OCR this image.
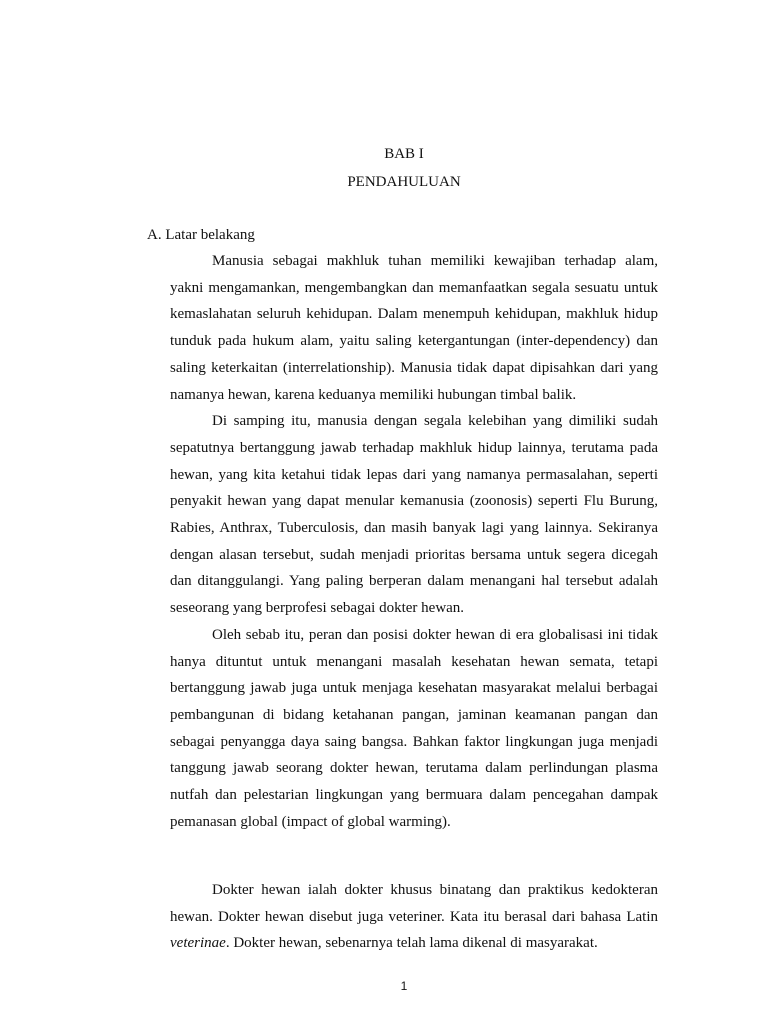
BAB I
PENDAHULUAN
A. Latar belakang

Manusia sebagai makhluk tuhan memiliki kewajiban terhadap alam, yakni mengamankan, mengembangkan dan memanfaatkan segala sesuatu untuk kemaslahatan seluruh kehidupan. Dalam menempuh kehidupan, makhluk hidup tunduk pada hukum alam, yaitu saling ketergantungan (inter-dependency) dan saling keterkaitan (interrelationship). Manusia tidak dapat dipisahkan dari yang namanya hewan, karena keduanya memiliki hubungan timbal balik.

Di samping itu, manusia dengan segala kelebihan yang dimiliki sudah sepatutnya bertanggung jawab terhadap makhluk hidup lainnya, terutama pada hewan, yang kita ketahui tidak lepas dari yang namanya permasalahan, seperti penyakit hewan yang dapat menular kemanusia (zoonosis) seperti Flu Burung, Rabies, Anthrax, Tuberculosis, dan masih banyak lagi yang lainnya. Sekiranya dengan alasan tersebut, sudah menjadi prioritas bersama untuk segera dicegah dan ditanggulangi. Yang paling berperan dalam menangani hal tersebut adalah seseorang yang berprofesi sebagai dokter hewan.

Oleh sebab itu, peran dan posisi dokter hewan di era globalisasi ini tidak hanya dituntut untuk menangani masalah kesehatan hewan semata, tetapi bertanggung jawab juga untuk menjaga kesehatan masyarakat melalui berbagai pembangunan di bidang ketahanan pangan, jaminan keamanan pangan dan sebagai penyangga daya saing bangsa. Bahkan faktor lingkungan juga menjadi tanggung jawab seorang dokter hewan, terutama dalam perlindungan plasma nutfah dan pelestarian lingkungan yang bermuara dalam pencegahan dampak pemanasan global (impact of global warming).

Dokter hewan ialah dokter khusus binatang dan praktikus kedokteran hewan. Dokter hewan disebut juga veteriner. Kata itu berasal dari bahasa Latin veterinae. Dokter hewan, sebenarnya telah lama dikenal di masyarakat.

1
